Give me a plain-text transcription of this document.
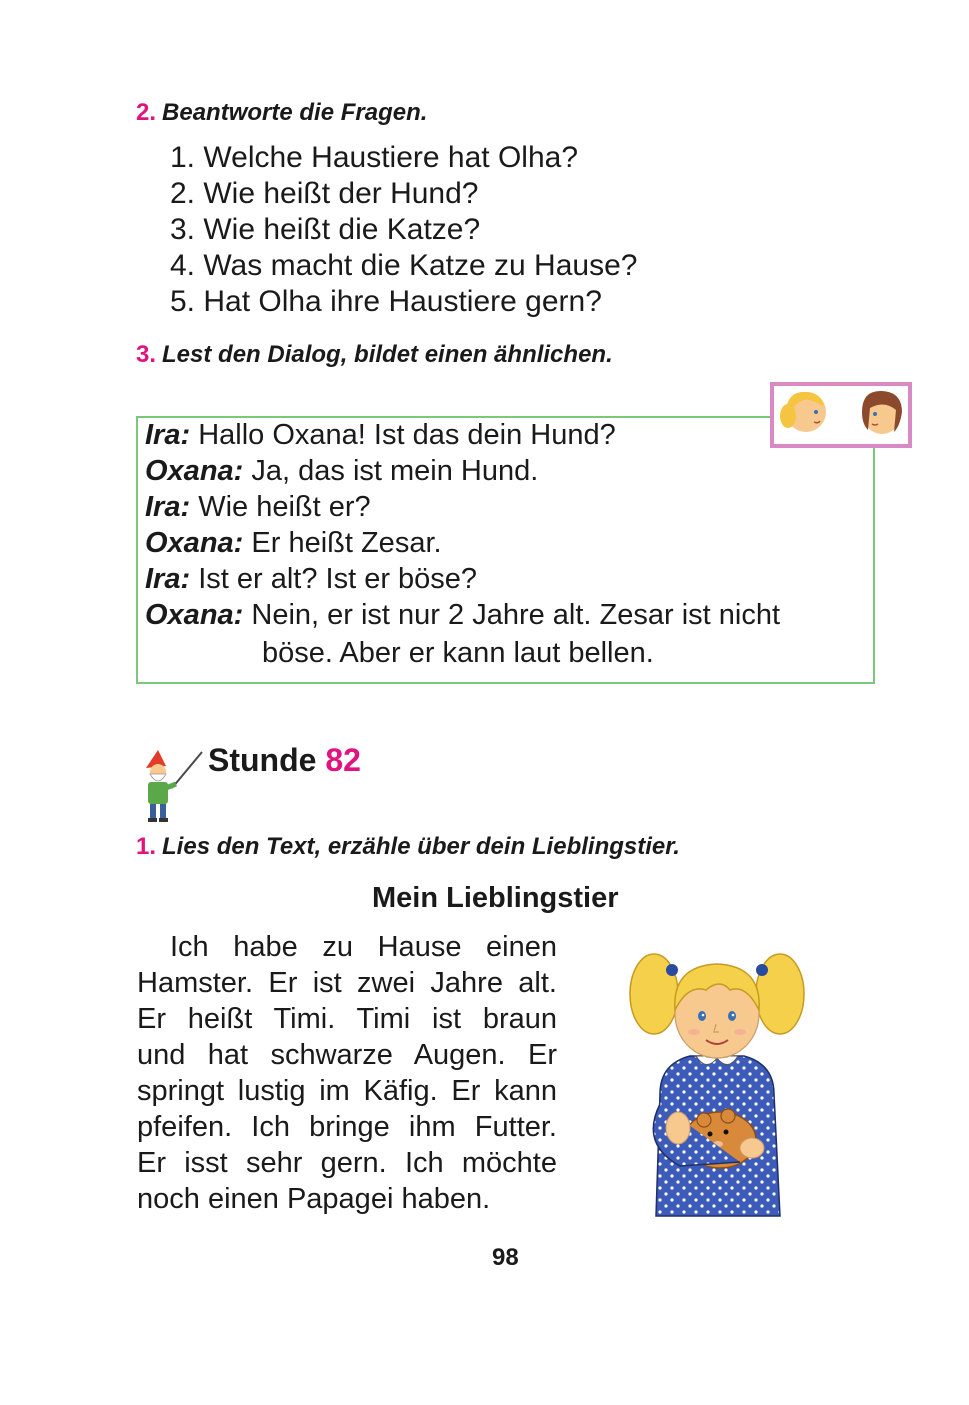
2. Beantworte die Fragen.
1. Welche Haustiere hat Olha?
2. Wie heißt der Hund?
3. Wie heißt die Katze?
4. Was macht die Katze zu Hause?
5. Hat Olha ihre Haustiere gern?
3. Lest den Dialog, bildet einen ähnlichen.
Ira: Hallo Oxana! Ist das dein Hund?
Oxana: Ja, das ist mein Hund.
Ira: Wie heißt er?
Oxana: Er heißt Zesar.
Ira: Ist er alt? Ist er böse?
Oxana: Nein, er ist nur 2 Jahre alt. Zesar ist nicht
böse. Aber er kann laut bellen.
Stunde 82
1. Lies den Text, erzähle über dein Lieblingstier.
Mein Lieblingstier
Ich habe zu Hause einen
Hamster. Er ist zwei Jahre alt.
Er heißt Timi. Timi ist braun
und hat schwarze Augen. Er
springt lustig im Käfig. Er kann
pfeifen. Ich bringe ihm Futter.
Er isst sehr gern. Ich möchte
noch einen Papagei haben.
98
